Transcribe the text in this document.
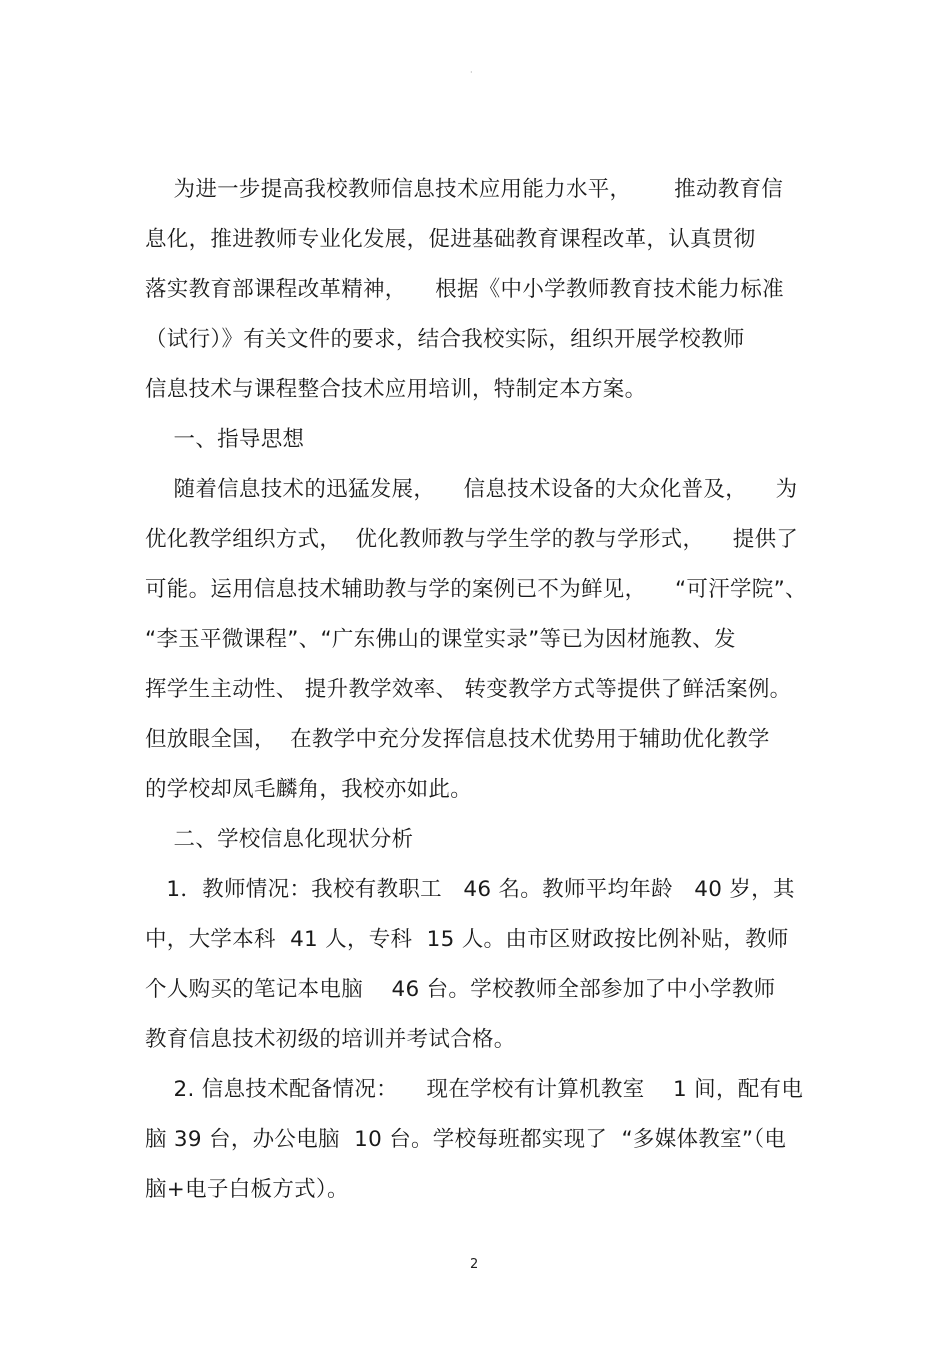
·
为进一步提高我校教师信息技术应用能力水平，      推动教育信
息化，推进教师专业化发展，促进基础教育课程改革，认真贯彻
落实教育部课程改革精神，    根据《中小学教师教育技术能力标准
（试行）》有关文件的要求，结合我校实际，组织开展学校教师
信息技术与课程整合技术应用培训，特制定本方案。
一、指导思想
随着信息技术的迅猛发展，    信息技术设备的大众化普及，    为
优化教学组织方式，  优化教师教与学生学的教与学形式，    提供了
可能。运用信息技术辅助教与学的案例已不为鲜见，    “可汗学院”、
“李玉平微课程”、“广东佛山的课堂实录”等已为因材施教、发
挥学生主动性、 提升教学效率、 转变教学方式等提供了鲜活案例。
但放眼全国，  在教学中充分发挥信息技术优势用于辅助优化教学
的学校却凤毛麟角，我校亦如此。
二、学校信息化现状分析
1．教师情况：我校有教职工   46 名。教师平均年龄   40 岁，其
中，大学本科  41 人，专科  15 人。由市区财政按比例补贴，教师
个人购买的笔记本电脑    46 台。学校教师全部参加了中小学教师
教育信息技术初级的培训并考试合格。
2. 信息技术配备情况：    现在学校有计算机教室    1 间，配有电
脑 39 台，办公电脑  10 台。学校每班都实现了  “多媒体教室”（电
脑+电子白板方式）。
2
